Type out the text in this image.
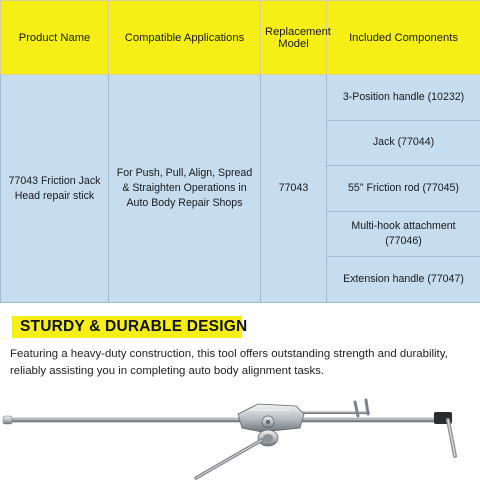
Product Name	Compatible Applications	Replacement Model	Included Components
77043 Friction Jack Head repair stick	For Push, Pull, Align, Spread & Straighten Operations in Auto Body Repair Shops	77043	3-Position handle (10232)
			Jack (77044)
			55" Friction rod (77045)
			Multi-hook attachment (77046)
			Extension handle (77047)
STURDY & DURABLE DESIGN
Featuring a heavy-duty construction, this tool offers outstanding strength and durability, reliably assisting you in completing auto body alignment tasks.
